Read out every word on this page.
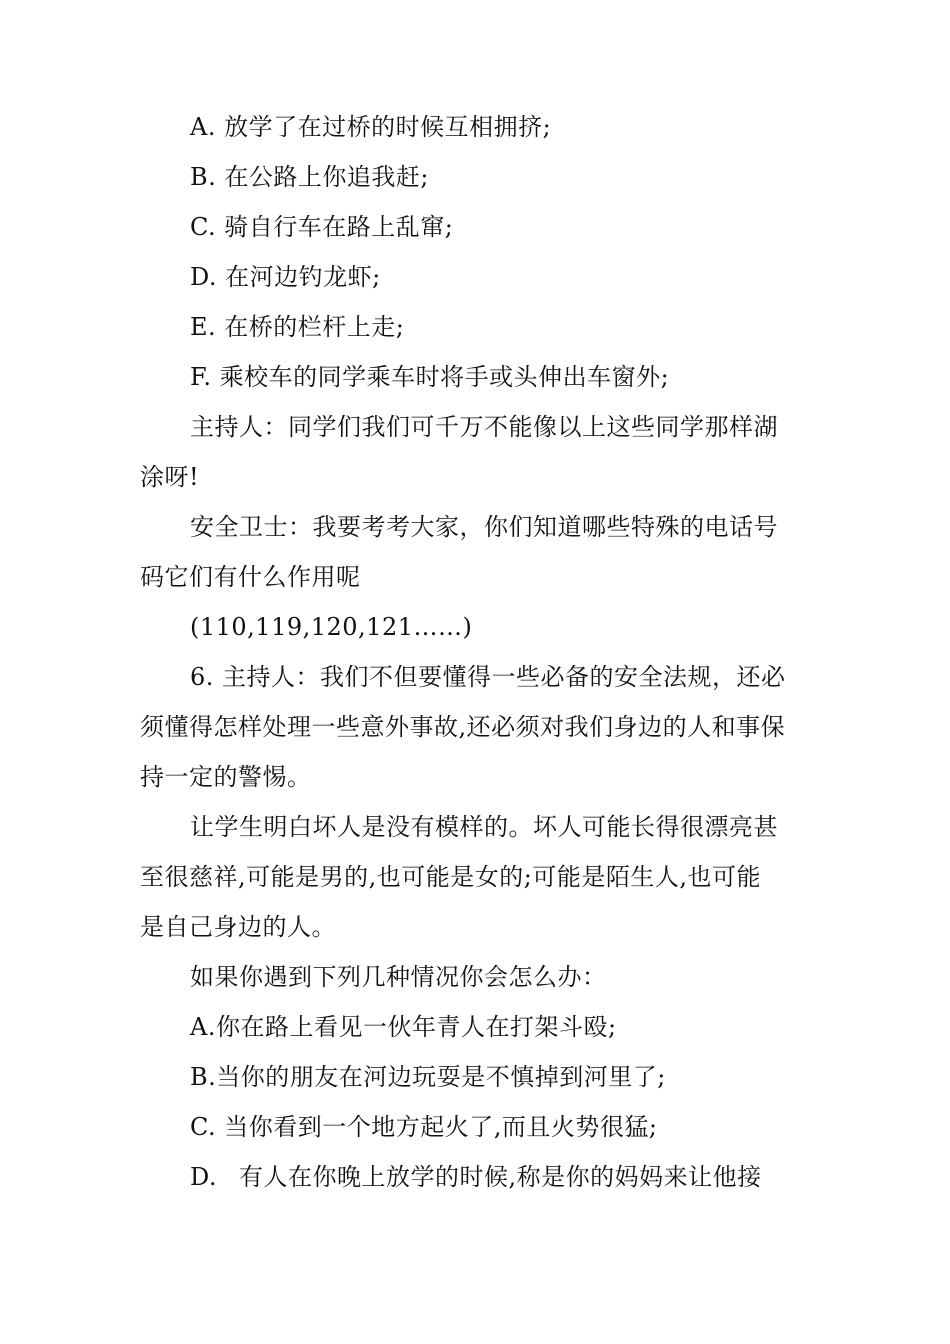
A. 放学了在过桥的时候互相拥挤;
B. 在公路上你追我赶;
C. 骑自行车在路上乱窜;
D. 在河边钓龙虾;
E. 在桥的栏杆上走;
F. 乘校车的同学乘车时将手或头伸出车窗外;
主持人：同学们我们可千万不能像以上这些同学那样湖
涂呀!
安全卫士：我要考考大家，你们知道哪些特殊的电话号
码它们有什么作用呢
(110,119,120,121……)
6. 主持人：我们不但要懂得一些必备的安全法规，还必
须懂得怎样处理一些意外事故,还必须对我们身边的人和事保
持一定的警惕。
让学生明白坏人是没有模样的。坏人可能长得很漂亮甚
至很慈祥,可能是男的,也可能是女的;可能是陌生人,也可能
是自己身边的人。
如果你遇到下列几种情况你会怎么办：
A.你在路上看见一伙年青人在打架斗殴;
B.当你的朋友在河边玩耍是不慎掉到河里了;
C. 当你看到一个地方起火了,而且火势很猛;
D. 有人在你晚上放学的时候,称是你的妈妈来让他接
